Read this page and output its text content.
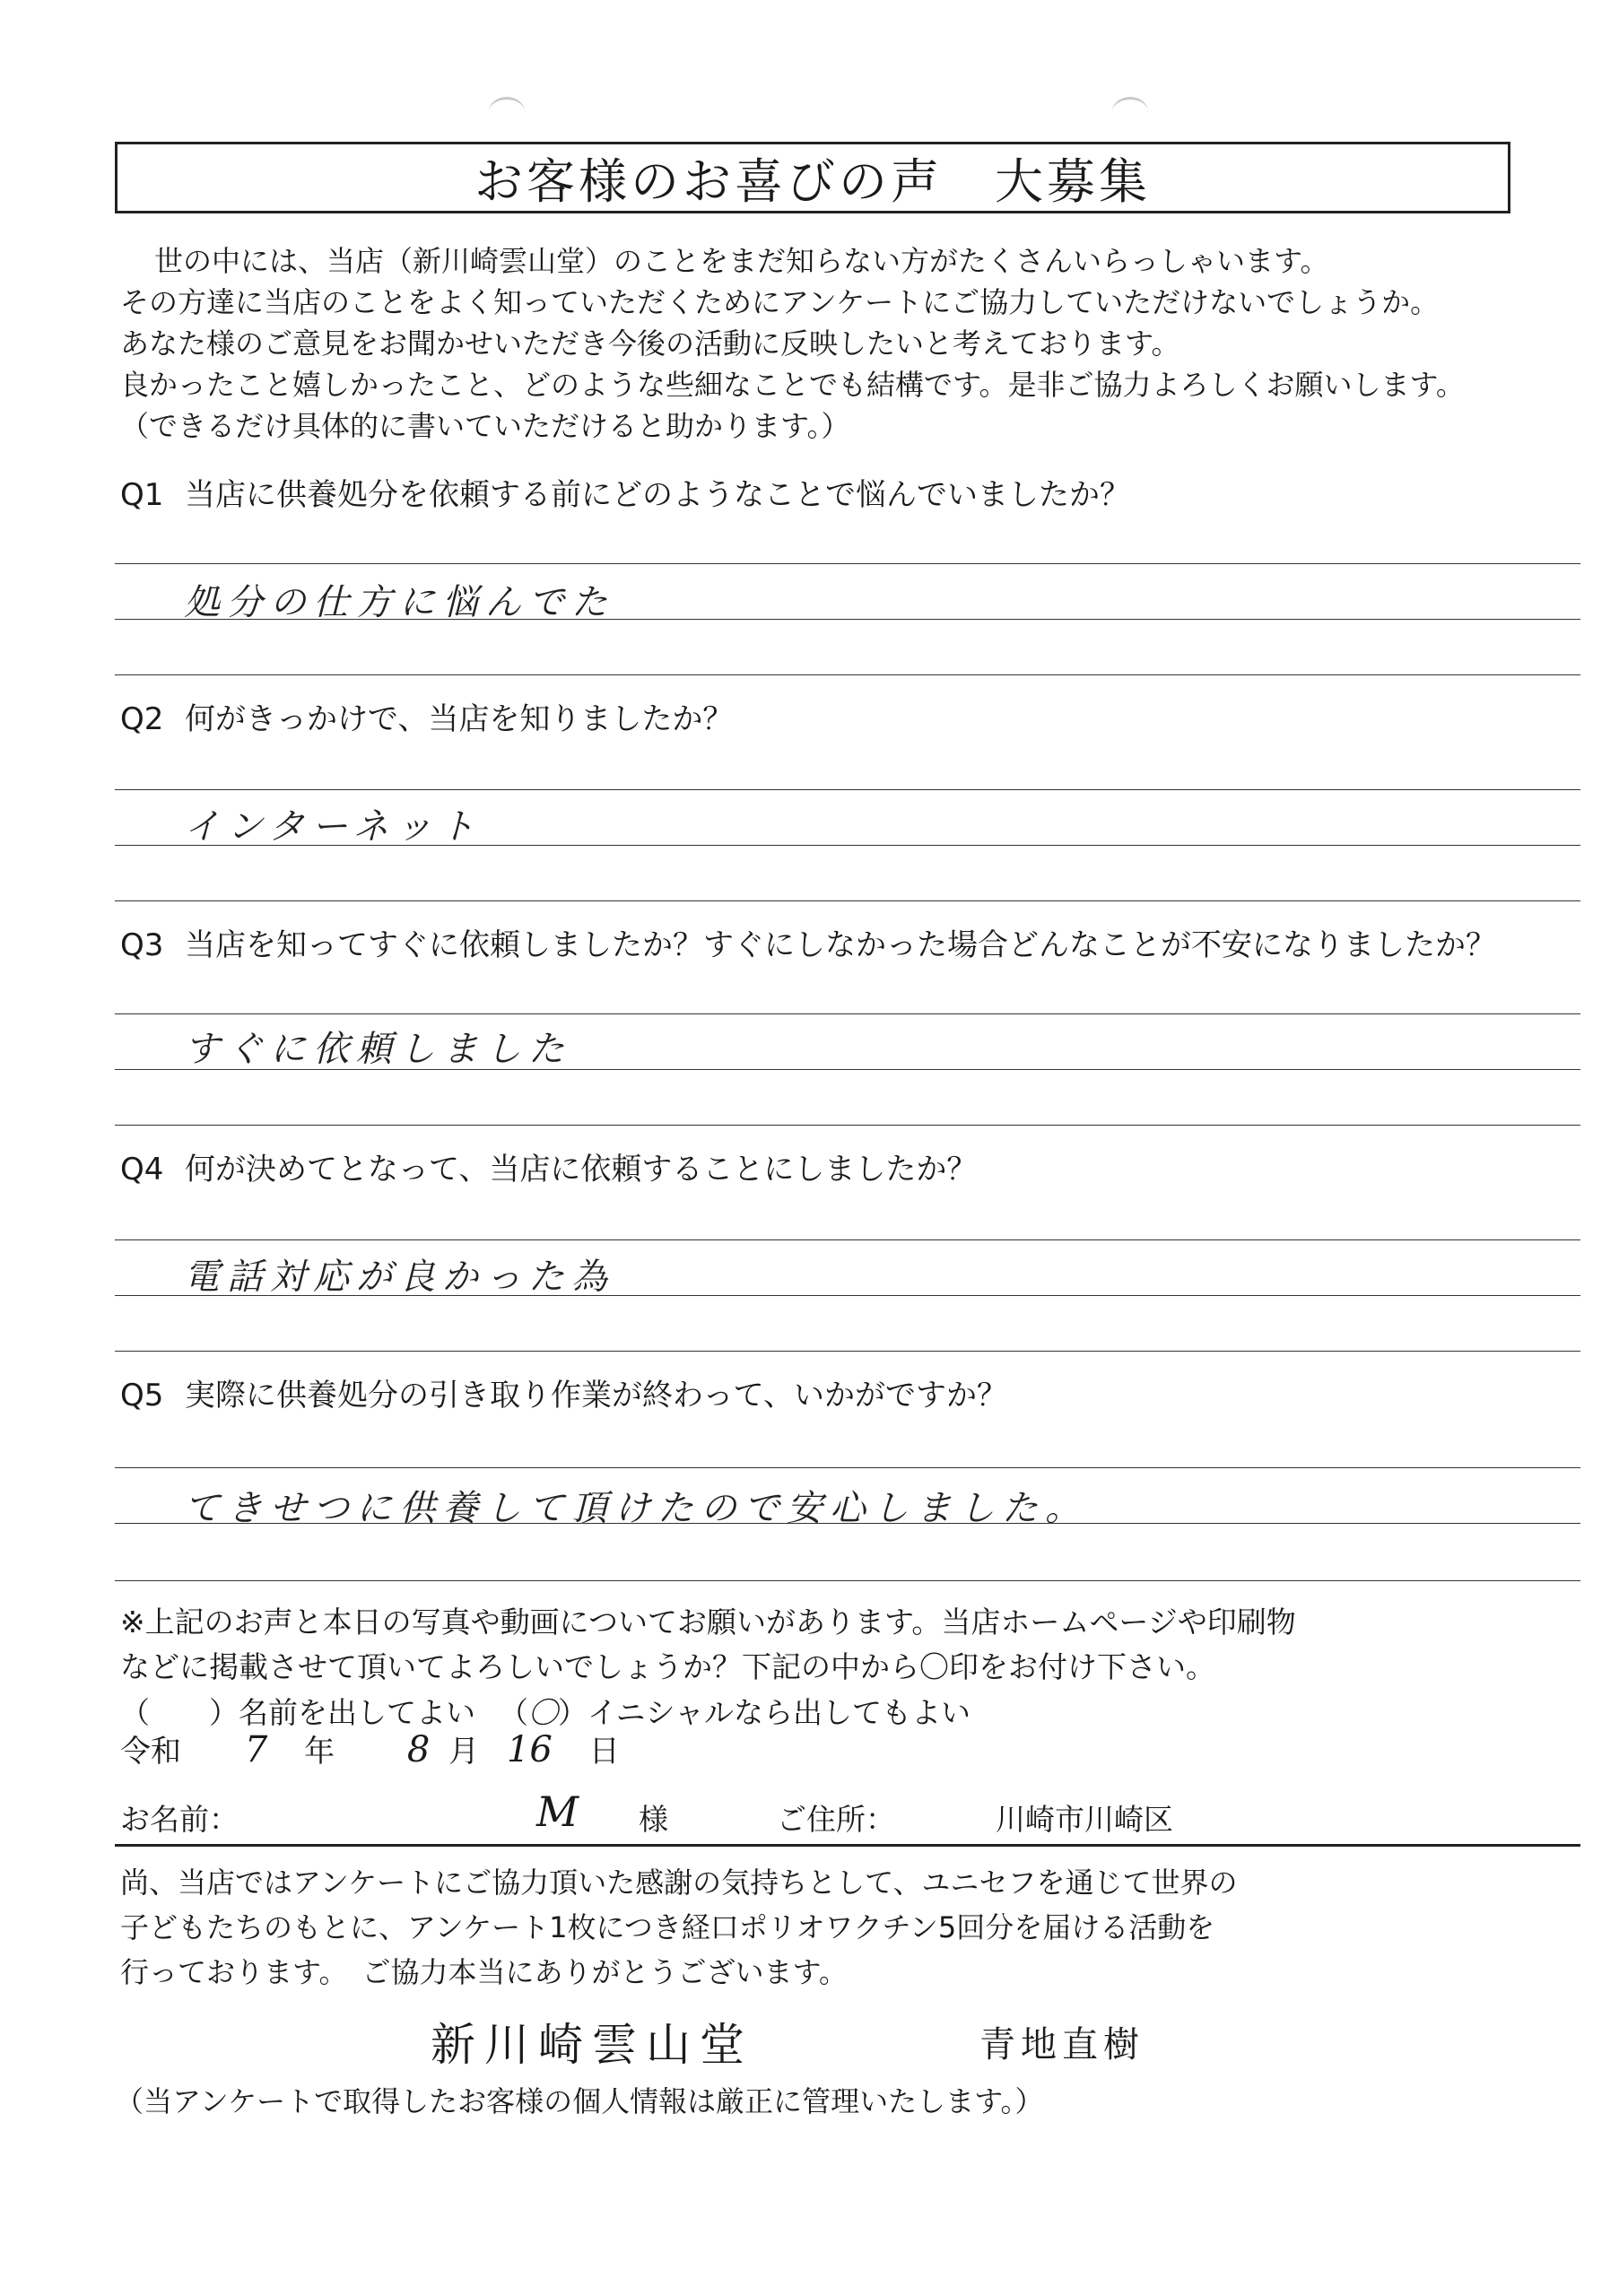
お客様のお喜びの声　大募集
世の中には、当店（新川崎雲山堂）のことをまだ知らない方がたくさんいらっしゃいます。
その方達に当店のことをよく知っていただくためにアンケートにご協力していただけないでしょうか。
あなた様のご意見をお聞かせいただき今後の活動に反映したいと考えております。
良かったこと嬉しかったこと、どのような些細なことでも結構です。是非ご協力よろしくお願いします。
（できるだけ具体的に書いていただけると助かります。）
Q1 当店に供養処分を依頼する前にどのようなことで悩んでいましたか？
処分の仕方に悩んでた
Q2 何がきっかけで、当店を知りましたか？
インターネット
Q3 当店を知ってすぐに依頼しましたか？すぐにしなかった場合どんなことが不安になりましたか？
すぐに依頼しました
Q4 何が決めてとなって、当店に依頼することにしましたか？
電話対応が良かった為
Q5 実際に供養処分の引き取り作業が終わって、いかがですか？
てきせつに供養して頂けたので安心しました。
※上記のお声と本日の写真や動画についてお願いがあります。当店ホームページや印刷物
などに掲載させて頂いてよろしいでしょうか？下記の中から〇印をお付け下さい。
（　　）名前を出してよい （〇）イニシャルなら出してもよい
令和 7 年 8 月 16 日
お名前：	M 様	ご住所：	川崎市川崎区
尚、当店ではアンケートにご協力頂いた感謝の気持ちとして、ユニセフを通じて世界の
子どもたちのもとに、アンケート1枚につき経口ポリオワクチン5回分を届ける活動を
行っております。　ご協力本当にありがとうございます。
新川崎雲山堂	青地直樹
（当アンケートで取得したお客様の個人情報は厳正に管理いたします。）
